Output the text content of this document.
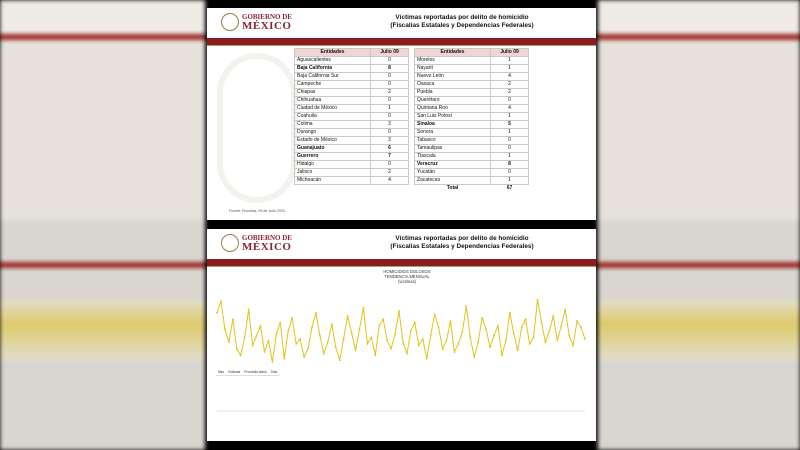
GOBIERNO DE
MÉXICO
Víctimas reportadas por delito de homicidio
(Fiscalías Estatales y Dependencias Federales)
Entidades	Julio 09
Aguascalientes	0
Baja California	8
Baja California Sur	0
Campeche	0
Chiapas	2
Chihuahua	0
Ciudad de México	1
Coahuila	0
Colima	3
Durango	0
Estado de México	3
Guanajuato	6
Guerrero	7
Hidalgo	0
Jalisco	2
Michoacán	4
Entidades	Julio 09
Morelos	1
Nayarit	1
Nuevo León	4
Oaxaca	2
Puebla	2
Querétaro	0
Quintana Roo	4
San Luis Potosí	1
Sinaloa	5
Sonora	1
Tabasco	0
Tamaulipas	0
Tlaxcala	1
Veracruz	8
Yucatán	0
Zacatecas	1
Total	67
Fuente: Fiscalías, 09 de Julio 2020.
GOBIERNO DE
MÉXICO
Víctimas reportadas por delito de homicidio
(Fiscalías Estatales y Dependencias Federales)
HOMICIDIOS DOLOSOS
TENDENCIA MENSUAL
(víctimas)
Mes	Víctimas	Promedio diario	Días
